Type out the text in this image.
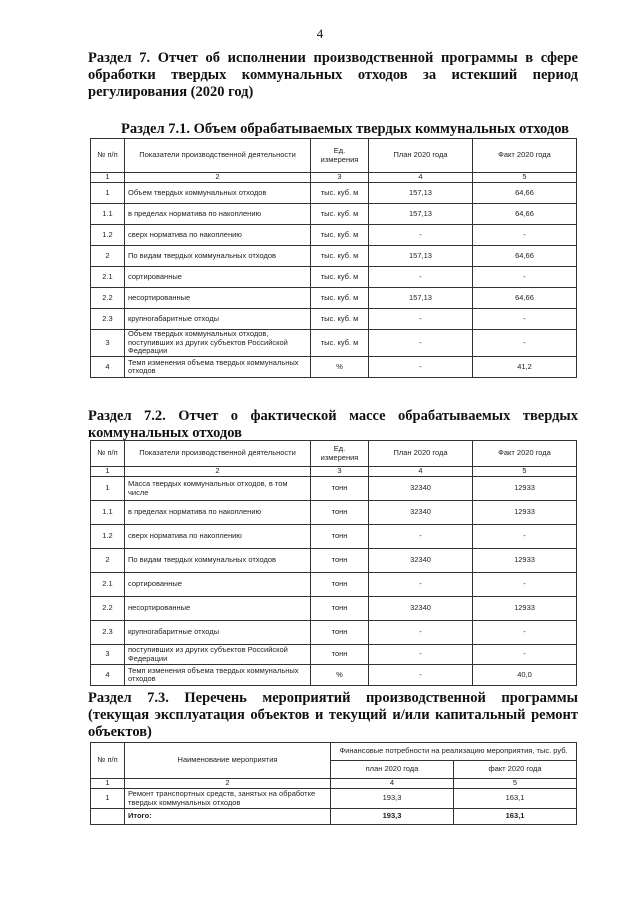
4
Раздел 7. Отчет об исполнении производственной программы в сфере обработки твердых коммунальных отходов за истекший период регулирования (2020 год)
Раздел 7.1. Объем обрабатываемых твердых коммунальных отходов
№ п/п	Показатели производственной деятельности	Ед. измерения	План 2020 года	Факт 2020 года
1	2	3	4	5
1	Объем твердых коммунальных отходов	тыс. куб. м	157,13	64,66
1.1	в пределах норматива по накоплению	тыс. куб. м	157,13	64,66
1.2	сверх норматива по накоплению	тыс. куб. м	-	-
2	По видам твердых коммунальных отходов	тыс. куб. м	157,13	64,66
2.1	сортированные	тыс. куб. м	-	-
2.2	несортированные	тыс. куб. м	157,13	64,66
2.3	крупногабаритные отходы	тыс. куб. м	-	-
3	Объем твердых коммунальных отходов, поступивших из других субъектов Российской Федерации	тыс. куб. м	-	-
4	Темп изменения объема твердых коммунальных отходов	%	-	41,2
Раздел 7.2. Отчет о фактической массе обрабатываемых твердых коммунальных отходов
№ п/п	Показатели производственной деятельности	Ед. измерения	План 2020 года	Факт 2020 года
1	2	3	4	5
1	Масса твердых коммунальных отходов, в том числе	тонн	32340	12933
1.1	в пределах норматива по накоплению	тонн	32340	12933
1.2	сверх норматива по накоплению	тонн	-	-
2	По видам твердых коммунальных отходов	тонн	32340	12933
2.1	сортированные	тонн	-	-
2.2	несортированные	тонн	32340	12933
2.3	крупногабаритные отходы	тонн	-	-
3	поступивших из других субъектов Российской Федерации	тонн	-	-
4	Темп изменения объема твердых коммунальных отходов	%	-	40,0
Раздел 7.3. Перечень мероприятий производственной программы (текущая эксплуатация объектов и текущий и/или капитальный ремонт объектов)
№ п/п	Наименование мероприятия	Финансовые потребности на реализацию мероприятия, тыс. руб.	
		план 2020 года	факт 2020 года
1	2	4	5
1	Ремонт транспортных средств, занятых на обработке твердых коммунальных отходов	193,3	163,1
	Итого:	193,3	163,1
